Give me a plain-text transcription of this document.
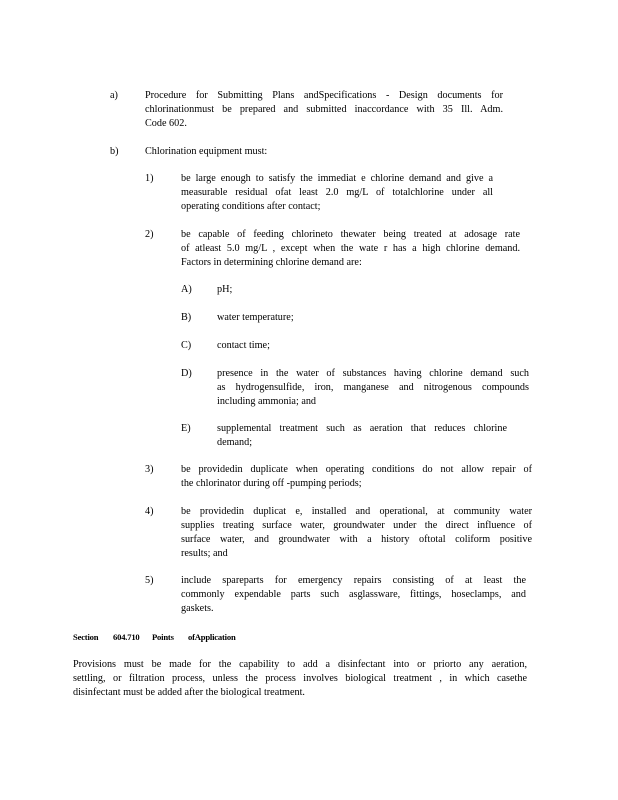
a)	Procedure for Submitting Plans andSpecifications - Design documents for
chlorinationmust be prepared and submitted inaccordance with 35 Ill. Adm.
Code 602.
b)	Chlorination equipment must:
1)	be large enough to satisfy the immediat e chlorine demand and give a
measurable residual ofat least 2.0 mg/L of totalchlorine under all
operating conditions after contact;
2)	be capable of feeding chlorineto thewater being treated at adosage rate
of atleast 5.0 mg/L , except when the wate r has a high chlorine demand.
Factors in determining chlorine demand are:
A) pH;
B)	water temperature;
C)	contact time;
D) presence in the water of substances having chlorine demand such
as hydrogensulfide, iron, manganese and nitrogenous compounds
including ammonia; and
E)	supplemental treatment such as aeration that reduces chlorine
demand;
3)	be providedin duplicate when operating conditions do not allow repair of
the chlorinator during off -pumping periods;
4)	be providedin duplicat e, installed and operational, at community water
supplies treating surface water, groundwater under the direct influence of
surface water, and groundwater with a history oftotal coliform positive
results; and
5)	include spareparts for emergency repairs consisting of at least the
commonly expendable parts such asglassware, fittings, hoseclamps, and
gaskets.
Section 604.710 Points ofApplication
Provisions must be made for the capability to add a disinfectant into or priorto any aeration,
settling, or filtration process, unless the process involves biological treatment , in which casethe
disinfectant must be added after the biological treatment.
